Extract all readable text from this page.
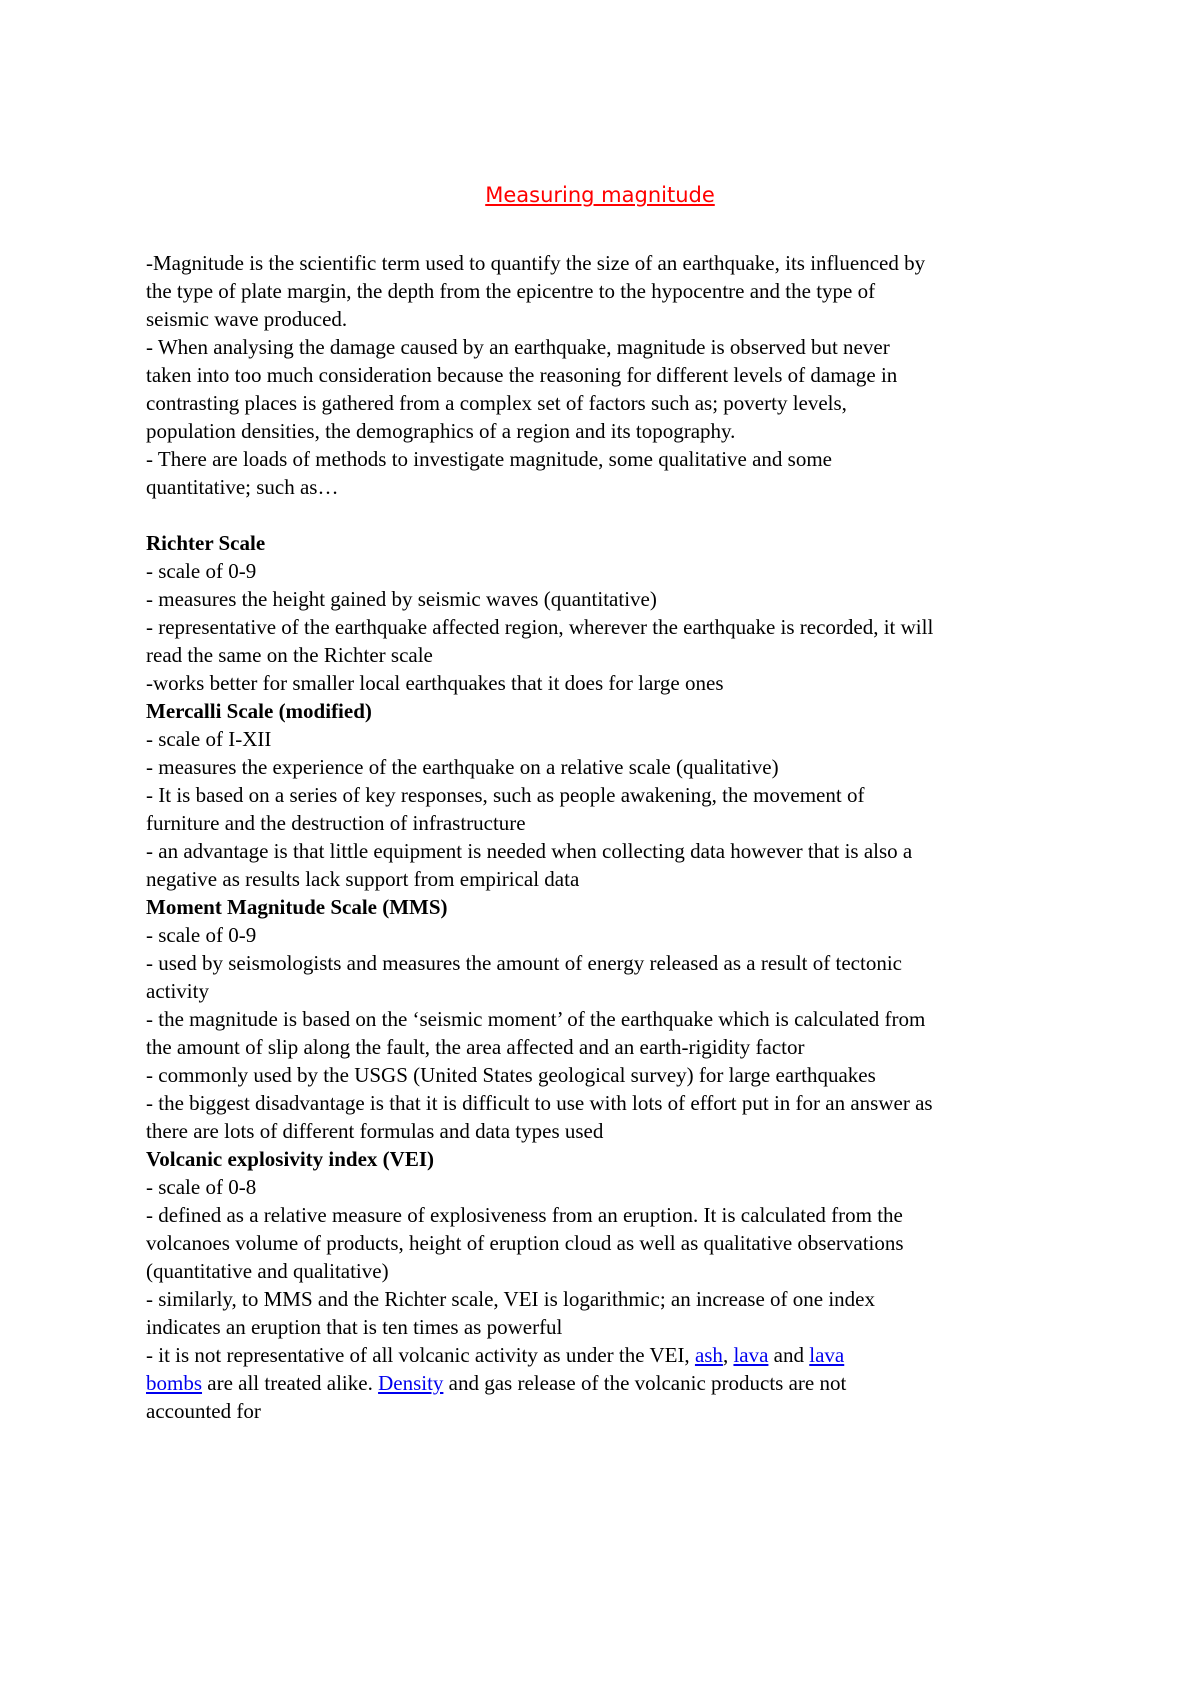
Measuring magnitude
-Magnitude is the scientific term used to quantify the size of an earthquake, its influenced by
the type of plate margin, the depth from the epicentre to the hypocentre and the type of
seismic wave produced.
- When analysing the damage caused by an earthquake, magnitude is observed but never
taken into too much consideration because the reasoning for different levels of damage in
contrasting places is gathered from a complex set of factors such as; poverty levels,
population densities, the demographics of a region and its topography.
- There are loads of methods to investigate magnitude, some qualitative and some
quantitative; such as…
Richter Scale
- scale of 0-9
- measures the height gained by seismic waves (quantitative)
- representative of the earthquake affected region, wherever the earthquake is recorded, it will
read the same on the Richter scale
-works better for smaller local earthquakes that it does for large ones
Mercalli Scale (modified)
- scale of I-XII
- measures the experience of the earthquake on a relative scale (qualitative)
- It is based on a series of key responses, such as people awakening, the movement of
furniture and the destruction of infrastructure
- an advantage is that little equipment is needed when collecting data however that is also a
negative as results lack support from empirical data
Moment Magnitude Scale (MMS)
- scale of 0-9
- used by seismologists and measures the amount of energy released as a result of tectonic
activity
- the magnitude is based on the ‘seismic moment’ of the earthquake which is calculated from
the amount of slip along the fault, the area affected and an earth-rigidity factor
- commonly used by the USGS (United States geological survey) for large earthquakes
- the biggest disadvantage is that it is difficult to use with lots of effort put in for an answer as
there are lots of different formulas and data types used
Volcanic explosivity index (VEI)
- scale of 0-8
- defined as a relative measure of explosiveness from an eruption. It is calculated from the
volcanoes volume of products, height of eruption cloud as well as qualitative observations
(quantitative and qualitative)
- similarly, to MMS and the Richter scale, VEI is logarithmic; an increase of one index
indicates an eruption that is ten times as powerful
- it is not representative of all volcanic activity as under the VEI, ash, lava and lava
bombs are all treated alike. Density and gas release of the volcanic products are not
accounted for
